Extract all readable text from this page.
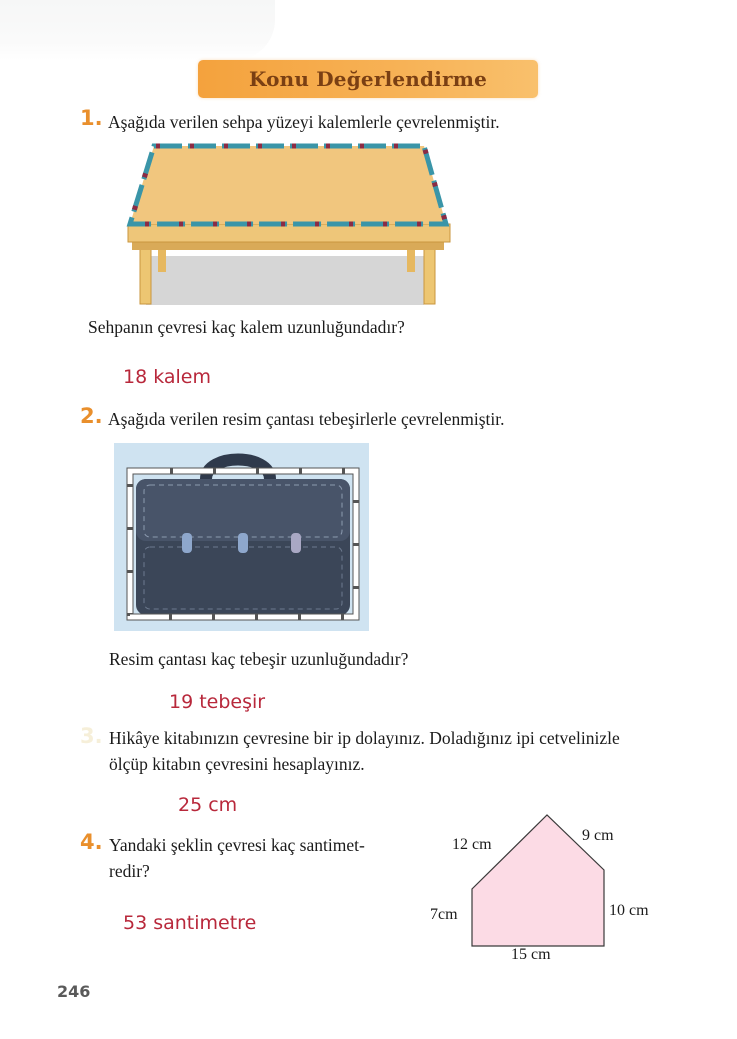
Konu Değerlendirme
1. Aşağıda verilen sehpa yüzeyi kalemlerle çevrelenmiştir.
Sehpanın çevresi kaç kalem uzunluğundadır?
18 kalem
2. Aşağıda verilen resim çantası tebeşirlerle çevrelenmiştir.
Resim çantası kaç tebeşir uzunluğundadır?
19 tebeşir
3. Hikâye kitabınızın çevresine bir ip dolayınız. Doladığınız ipi cetvelinizle
ölçüp kitabın çevresini hesaplayınız.
25 cm
4. Yandaki şeklin çevresi kaç santimet-
redir?
53 santimetre
12 cm
9 cm
7cm	10 cm
15 cm
246
